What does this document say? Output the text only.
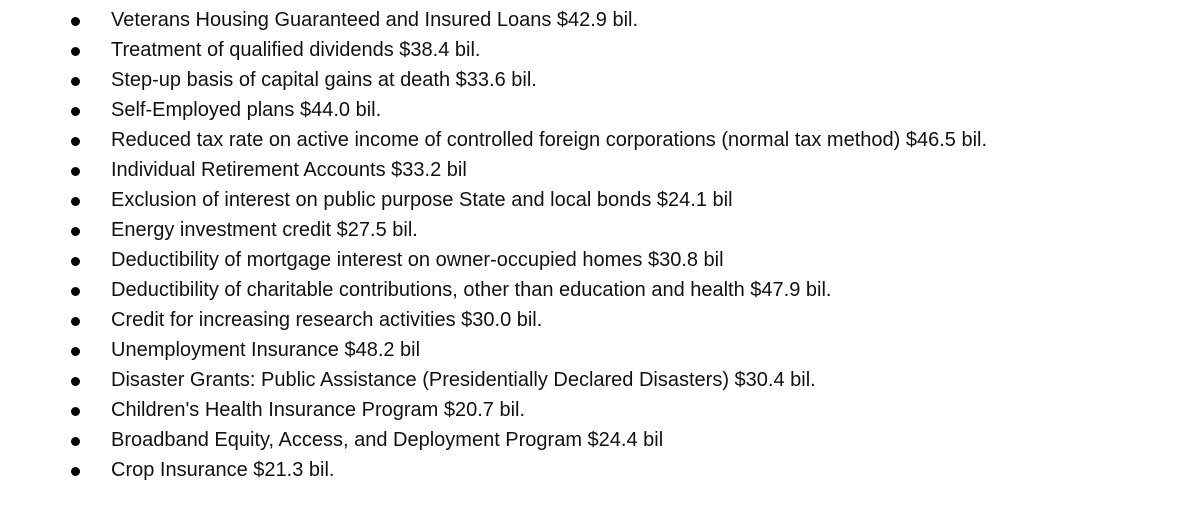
Veterans Housing Guaranteed and Insured Loans $42.9 bil.
Treatment of qualified dividends $38.4 bil.
Step-up basis of capital gains at death $33.6 bil.
Self-Employed plans $44.0 bil.
Reduced tax rate on active income of controlled foreign corporations (normal tax method) $46.5 bil.
Individual Retirement Accounts $33.2 bil
Exclusion of interest on public purpose State and local bonds $24.1 bil
Energy investment credit $27.5 bil.
Deductibility of mortgage interest on owner-occupied homes $30.8 bil
Deductibility of charitable contributions, other than education and health $47.9 bil.
Credit for increasing research activities $30.0 bil.
Unemployment Insurance $48.2 bil
Disaster Grants: Public Assistance (Presidentially Declared Disasters) $30.4 bil.
Children's Health Insurance Program $20.7 bil.
Broadband Equity, Access, and Deployment Program $24.4 bil
Crop Insurance $21.3 bil.
